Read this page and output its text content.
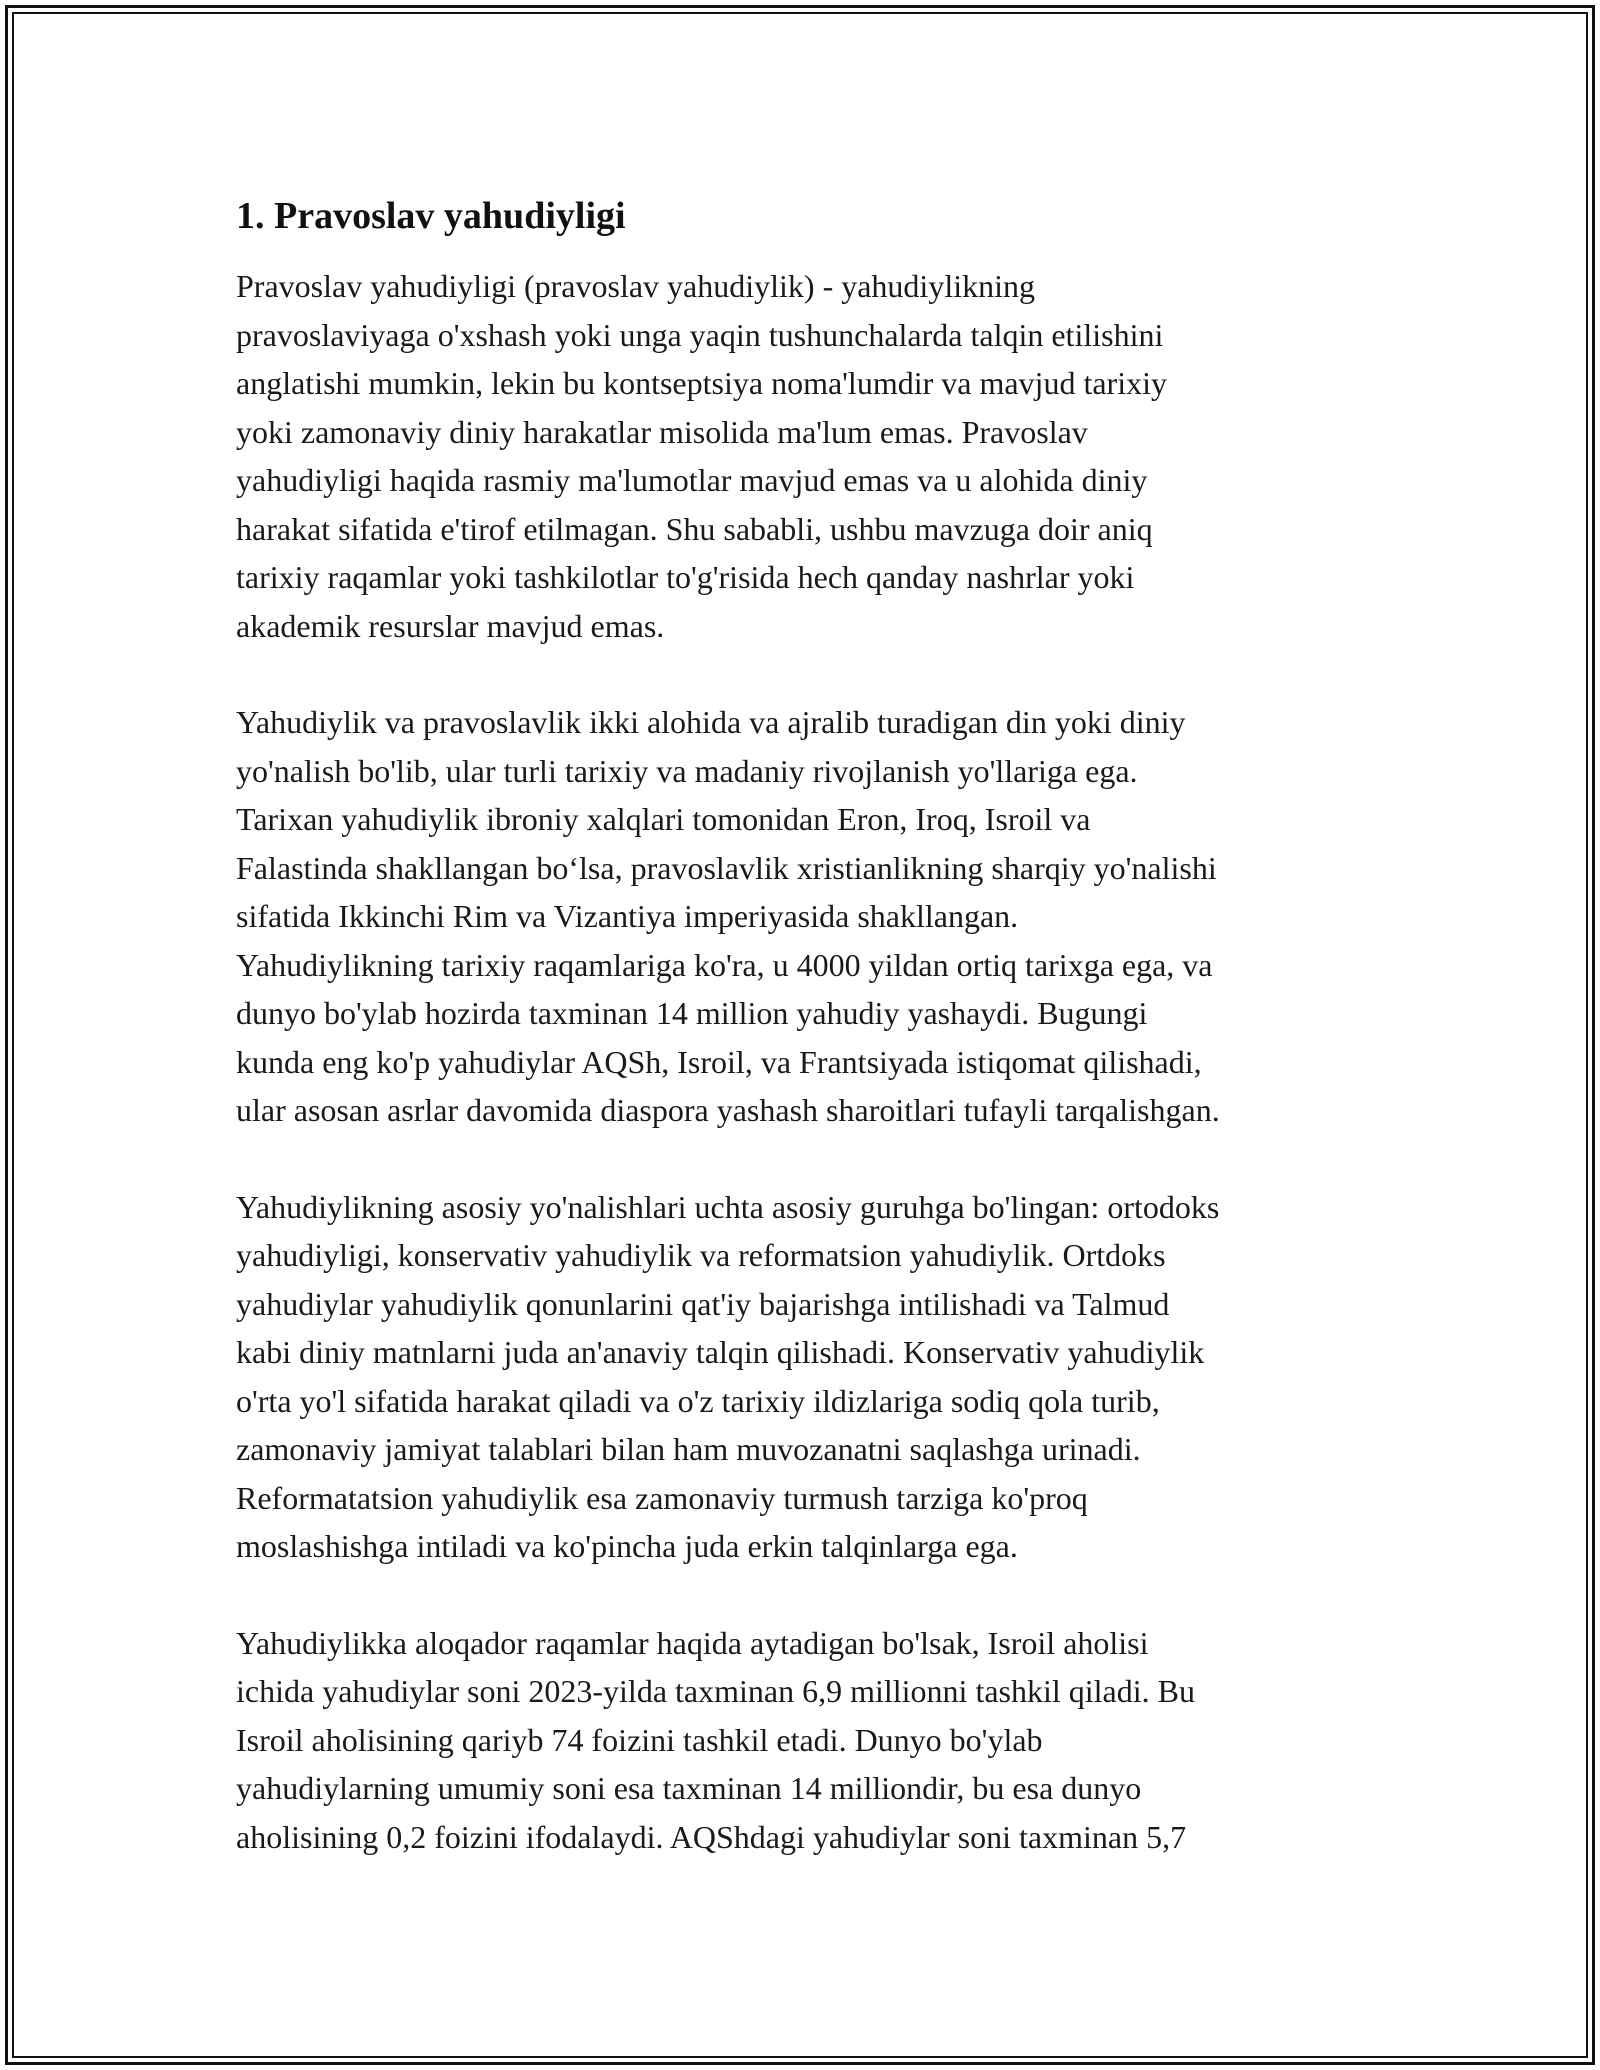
1. Pravoslav yahudiyligi

Pravoslav yahudiyligi (pravoslav yahudiylik) - yahudiylikning
pravoslaviyaga o'xshash yoki unga yaqin tushunchalarda talqin etilishini
anglatishi mumkin, lekin bu kontseptsiya noma'lumdir va mavjud tarixiy
yoki zamonaviy diniy harakatlar misolida ma'lum emas. Pravoslav
yahudiyligi haqida rasmiy ma'lumotlar mavjud emas va u alohida diniy
harakat sifatida e'tirof etilmagan. Shu sababli, ushbu mavzuga doir aniq
tarixiy raqamlar yoki tashkilotlar to'g'risida hech qanday nashrlar yoki
akademik resurslar mavjud emas.

Yahudiylik va pravoslavlik ikki alohida va ajralib turadigan din yoki diniy
yo'nalish bo'lib, ular turli tarixiy va madaniy rivojlanish yo'llariga ega.
Tarixan yahudiylik ibroniy xalqlari tomonidan Eron, Iroq, Isroil va
Falastinda shakllangan bo‘lsa, pravoslavlik xristianlikning sharqiy yo'nalishi
sifatida Ikkinchi Rim va Vizantiya imperiyasida shakllangan.
Yahudiylikning tarixiy raqamlariga ko'ra, u 4000 yildan ortiq tarixga ega, va
dunyo bo'ylab hozirda taxminan 14 million yahudiy yashaydi. Bugungi
kunda eng ko'p yahudiylar AQSh, Isroil, va Frantsiyada istiqomat qilishadi,
ular asosan asrlar davomida diaspora yashash sharoitlari tufayli tarqalishgan.

Yahudiylikning asosiy yo'nalishlari uchta asosiy guruhga bo'lingan: ortodoks
yahudiyligi, konservativ yahudiylik va reformatsion yahudiylik. Ortdoks
yahudiylar yahudiylik qonunlarini qat'iy bajarishga intilishadi va Talmud
kabi diniy matnlarni juda an'anaviy talqin qilishadi. Konservativ yahudiylik
o'rta yo'l sifatida harakat qiladi va o'z tarixiy ildizlariga sodiq qola turib,
zamonaviy jamiyat talablari bilan ham muvozanatni saqlashga urinadi.
Reformatatsion yahudiylik esa zamonaviy turmush tarziga ko'proq
moslashishga intiladi va ko'pincha juda erkin talqinlarga ega.

Yahudiylikka aloqador raqamlar haqida aytadigan bo'lsak, Isroil aholisi
ichida yahudiylar soni 2023-yilda taxminan 6,9 millionni tashkil qiladi. Bu
Isroil aholisining qariyb 74 foizini tashkil etadi. Dunyo bo'ylab
yahudiylarning umumiy soni esa taxminan 14 milliondir, bu esa dunyo
aholisining 0,2 foizini ifodalaydi. AQShdagi yahudiylar soni taxminan 5,7
